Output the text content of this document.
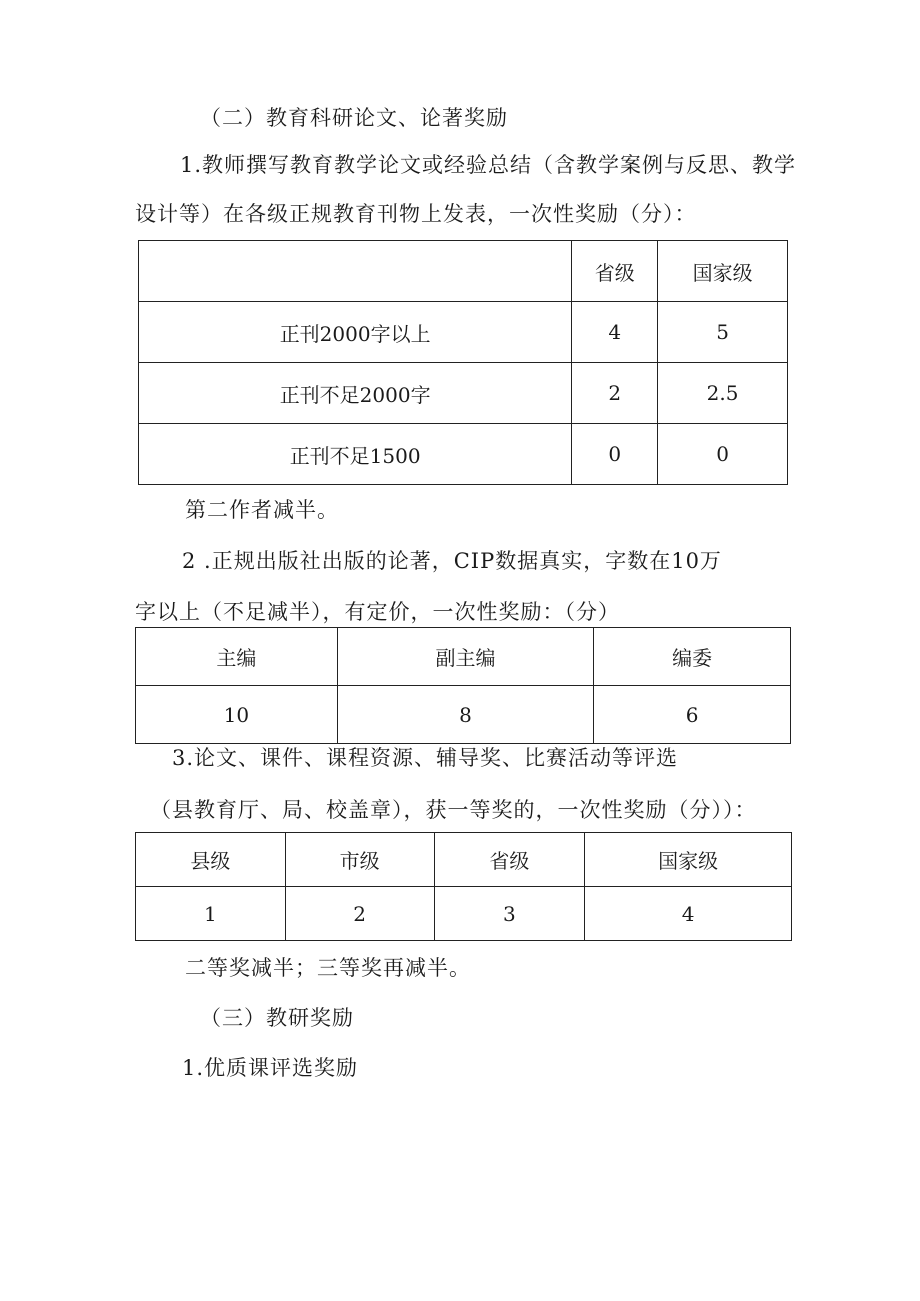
（二）教育科研论文、论著奖励
1.教师撰写教育教学论文或经验总结（含教学案例与反思、教学
设计等）在各级正规教育刊物上发表，一次性奖励（分）：
	省级	国家级
正刊2000字以上	4	5
正刊不足2000字	2	2.5
正刊不足1500	0	0
第二作者减半。
2 .正规出版社出版的论著，CIP数据真实，字数在10万
字以上（不足减半），有定价，一次性奖励：（分）
主编	副主编	编委
10	8	6
3.论文、课件、课程资源、辅导奖、比赛活动等评选
（县教育厅、局、校盖章），获一等奖的，一次性奖励（分））：
县级	市级	省级	国家级
1	2	3	4
二等奖减半；三等奖再减半。
（三）教研奖励
1.优质课评选奖励
